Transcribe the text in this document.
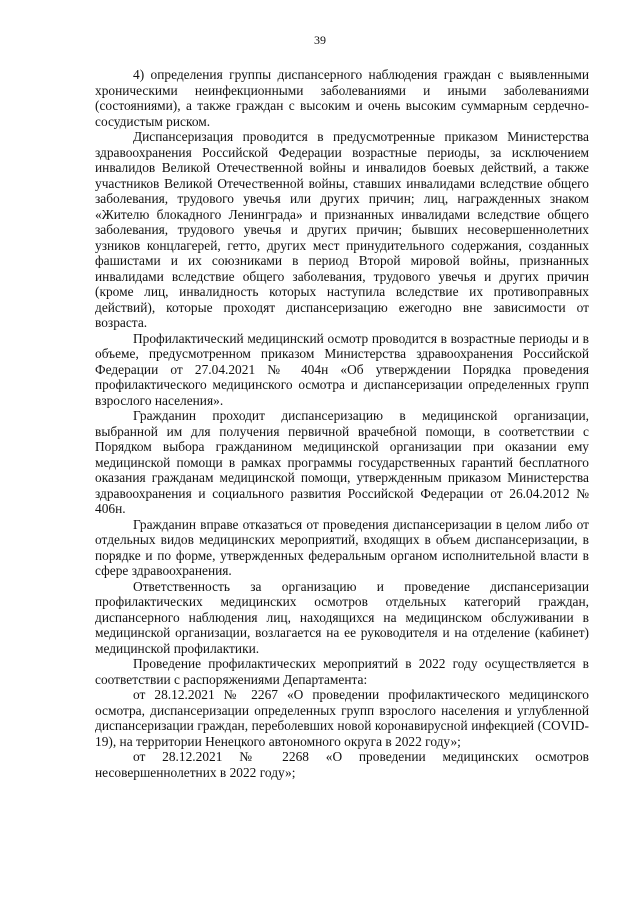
39

4) определения группы диспансерного наблюдения граждан с выявленными хроническими неинфекционными заболеваниями и иными заболеваниями (состояниями), а также граждан с высоким и очень высоким суммарным сердечно-сосудистым риском.

Диспансеризация проводится в предусмотренные приказом Министерства здравоохранения Российской Федерации возрастные периоды, за исключением инвалидов Великой Отечественной войны и инвалидов боевых действий, а также участников Великой Отечественной войны, ставших инвалидами вследствие общего заболевания, трудового увечья или других причин; лиц, награжденных знаком «Жителю блокадного Ленинграда» и признанных инвалидами вследствие общего заболевания, трудового увечья и других причин; бывших несовершеннолетних узников концлагерей, гетто, других мест принудительного содержания, созданных фашистами и их союзниками в период Второй мировой войны, признанных инвалидами вследствие общего заболевания, трудового увечья и других причин (кроме лиц, инвалидность которых наступила вследствие их противоправных действий), которые проходят диспансеризацию ежегодно вне зависимости от возраста.

Профилактический медицинский осмотр проводится в возрастные периоды и в объеме, предусмотренном приказом Министерства здравоохранения Российской Федерации от 27.04.2021 № 404н «Об утверждении Порядка проведения профилактического медицинского осмотра и диспансеризации определенных групп взрослого населения».

Гражданин проходит диспансеризацию в медицинской организации, выбранной им для получения первичной врачебной помощи, в соответствии с Порядком выбора гражданином медицинской организации при оказании ему медицинской помощи в рамках программы государственных гарантий бесплатного оказания гражданам медицинской помощи, утвержденным приказом Министерства здравоохранения и социального развития Российской Федерации от 26.04.2012 № 406н.

Гражданин вправе отказаться от проведения диспансеризации в целом либо от отдельных видов медицинских мероприятий, входящих в объем диспансеризации, в порядке и по форме, утвержденных федеральным органом исполнительной власти в сфере здравоохранения.

Ответственность за организацию и проведение диспансеризации профилактических медицинских осмотров отдельных категорий граждан, диспансерного наблюдения лиц, находящихся на медицинском обслуживании в медицинской организации, возлагается на ее руководителя и на отделение (кабинет) медицинской профилактики.

Проведение профилактических мероприятий в 2022 году осуществляется в соответствии с распоряжениями Департамента:

от 28.12.2021 № 2267 «О проведении профилактического медицинского осмотра, диспансеризации определенных групп взрослого населения и углубленной диспансеризации граждан, переболевших новой коронавирусной инфекцией (COVID-19), на территории Ненецкого автономного округа в 2022 году»;

от 28.12.2021 № 2268 «О проведении медицинских осмотров несовершеннолетних в 2022 году»;
